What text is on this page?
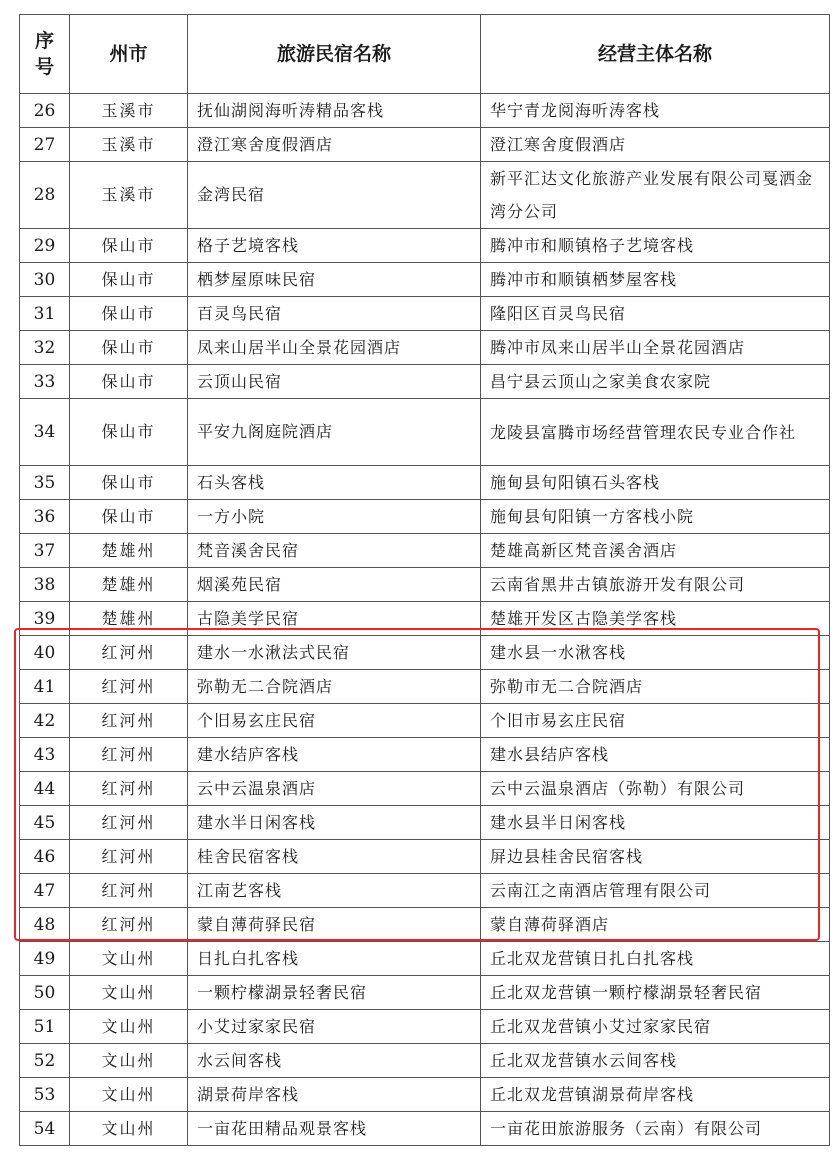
序号	州市	旅游民宿名称	经营主体名称
26	玉溪市	抚仙湖阅海听涛精品客栈	华宁青龙阅海听涛客栈
27	玉溪市	澄江寒舍度假酒店	澄江寒舍度假酒店
28	玉溪市	金湾民宿	新平汇达文化旅游产业发展有限公司戛洒金湾分公司
29	保山市	格子艺境客栈	腾冲市和顺镇格子艺境客栈
30	保山市	栖梦屋原味民宿	腾冲市和顺镇栖梦屋客栈
31	保山市	百灵鸟民宿	隆阳区百灵鸟民宿
32	保山市	凤来山居半山全景花园酒店	腾冲市凤来山居半山全景花园酒店
33	保山市	云顶山民宿	昌宁县云顶山之家美食农家院
34	保山市	平安九阁庭院酒店	龙陵县富腾市场经营管理农民专业合作社
35	保山市	石头客栈	施甸县旬阳镇石头客栈
36	保山市	一方小院	施甸县旬阳镇一方客栈小院
37	楚雄州	梵音溪舍民宿	楚雄高新区梵音溪舍酒店
38	楚雄州	烟溪苑民宿	云南省黑井古镇旅游开发有限公司
39	楚雄州	古隐美学民宿	楚雄开发区古隐美学客栈
40	红河州	建水一水湫法式民宿	建水县一水湫客栈
41	红河州	弥勒无二合院酒店	弥勒市无二合院酒店
42	红河州	个旧易玄庄民宿	个旧市易玄庄民宿
43	红河州	建水结庐客栈	建水县结庐客栈
44	红河州	云中云温泉酒店	云中云温泉酒店（弥勒）有限公司
45	红河州	建水半日闲客栈	建水县半日闲客栈
46	红河州	桂舍民宿客栈	屏边县桂舍民宿客栈
47	红河州	江南艺客栈	云南江之南酒店管理有限公司
48	红河州	蒙自薄荷驿民宿	蒙自薄荷驿酒店
49	文山州	日扎白扎客栈	丘北双龙营镇日扎白扎客栈
50	文山州	一颗柠檬湖景轻奢民宿	丘北双龙营镇一颗柠檬湖景轻奢民宿
51	文山州	小艾过家家民宿	丘北双龙营镇小艾过家家民宿
52	文山州	水云间客栈	丘北双龙营镇水云间客栈
53	文山州	湖景荷岸客栈	丘北双龙营镇湖景荷岸客栈
54	文山州	一亩花田精品观景客栈	一亩花田旅游服务（云南）有限公司
